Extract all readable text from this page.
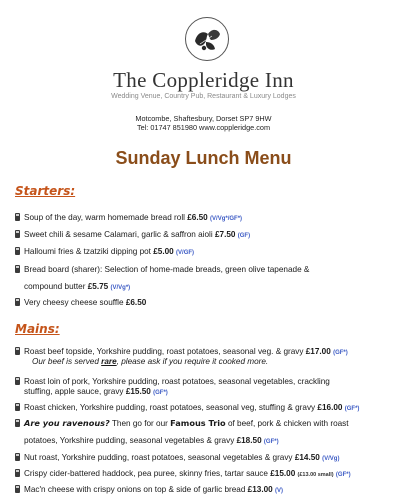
The Coppleridge Inn
Wedding Venue, Country Pub, Restaurant & Luxury Lodges
Motcombe, Shaftesbury, Dorset SP7 9HW
Tel: 01747 851980 www.coppleridge.com
Sunday Lunch Menu
Starters:
Soup of the day, warm homemade bread roll £6.50 (V/Vg*/GF*)
Sweet chili & sesame Calamari, garlic & saffron aioli £7.50 (GF)
Halloumi fries & tzatziki dipping pot £5.00 (V/GF)
Bread board (sharer): Selection of home-made breads, green olive tapenade &
compound butter £5.75 (V/Vg*)
Very cheesy cheese souffle £6.50
Mains:
Roast beef topside, Yorkshire pudding, roast potatoes, seasonal veg. & gravy £17.00 (GF*)
Our beef is served rare, please ask if you require it cooked more.
Roast loin of pork, Yorkshire pudding, roast potatoes, seasonal vegetables, crackling
stuffing, apple sauce, gravy £15.50 (GF*)
Roast chicken, Yorkshire pudding, roast potatoes, seasonal veg, stuffing & gravy £16.00 (GF*)
Are you ravenous? Then go for our Famous Trio of beef, pork & chicken with roast
potatoes, Yorkshire pudding, seasonal vegetables & gravy £18.50 (GF*)
Nut roast, Yorkshire pudding, roast potatoes, seasonal vegetables & gravy £14.50 (V/Vg)
Crispy cider-battered haddock, pea puree, skinny fries, tartar sauce £15.00 (£13.00 small) (GF*)
Mac'n cheese with crispy onions on top & side of garlic bread £13.00 (V)
